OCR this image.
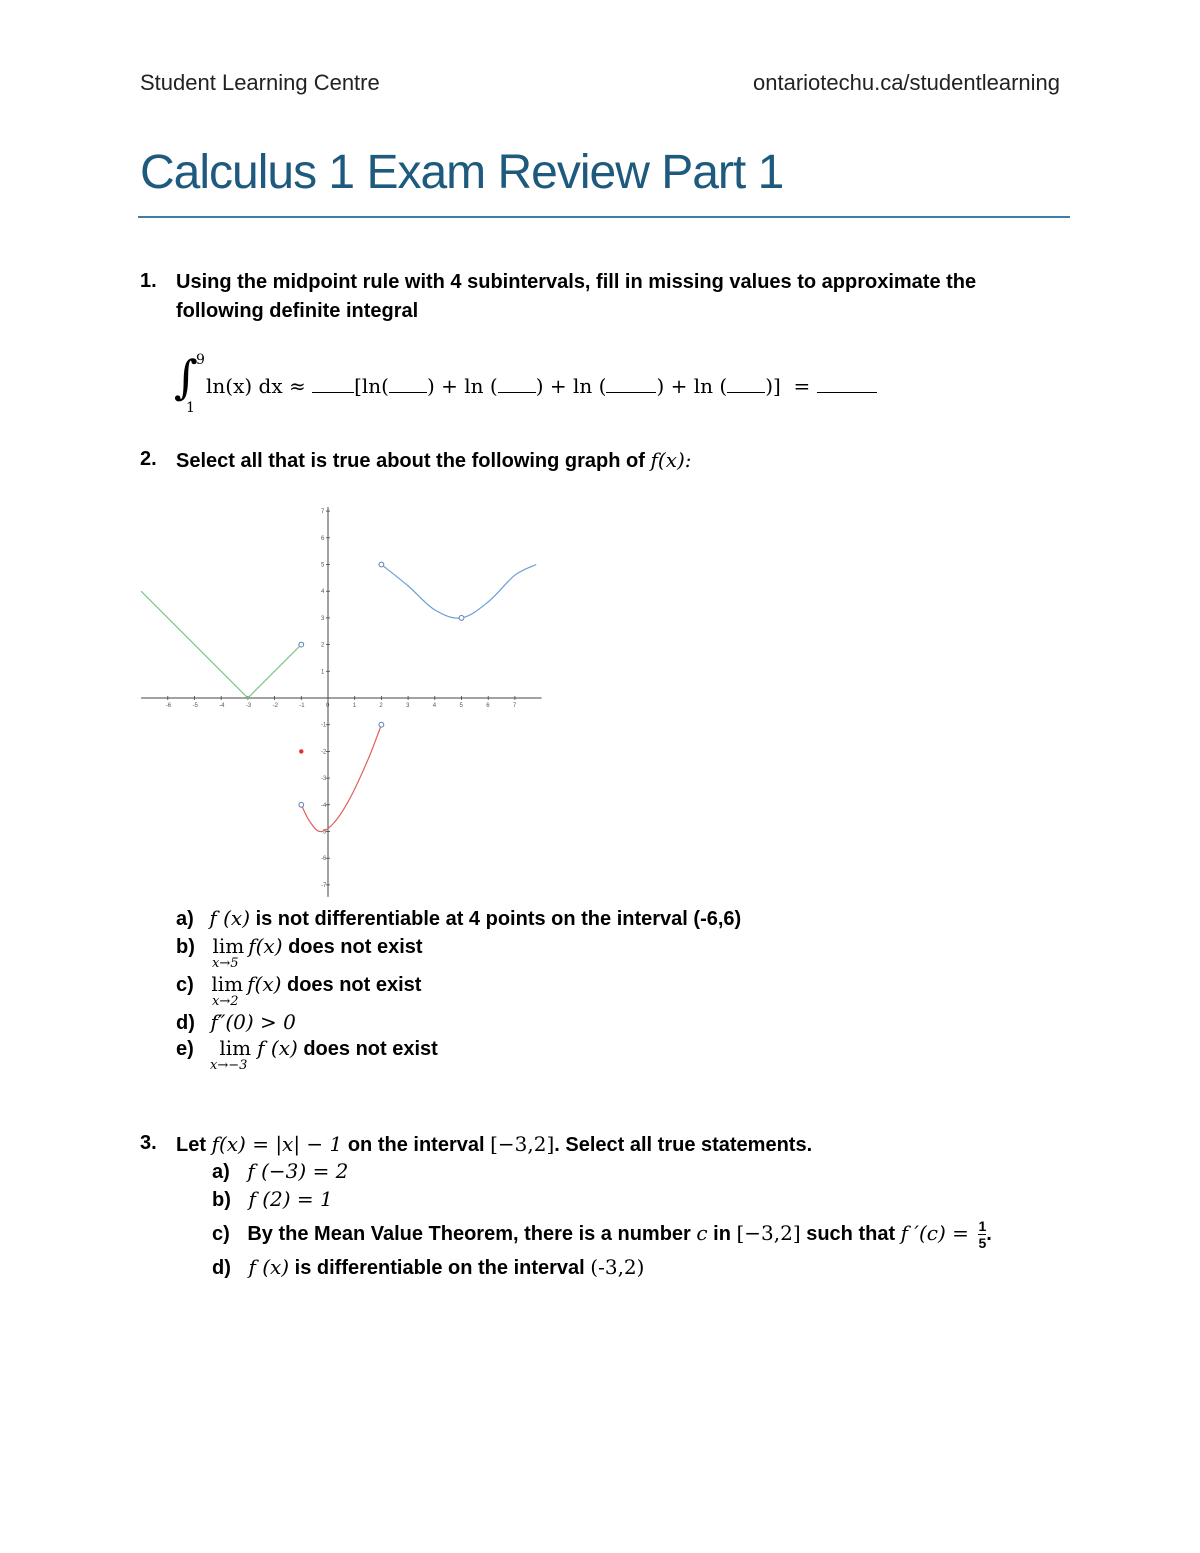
Student Learning Centre	ontariotechu.ca/studentlearning
Calculus 1 Exam Review Part 1
1. Using the midpoint rule with 4 subintervals, fill in missing values to approximate the
following definite integral
∫
9
1
ln(x) dx ≈ [ln( ) + ln ( ) + ln (	) + ln ( )]  =
2. Select all that is true about the following graph of f(x):
-6	-5	-4	-3	-2	-1	0	1	2	3	4	5	6	7
7
6
5
4
3
2
1
-1
-2
-3
-4
-5
-6
-7
a) f (x) is not differentiable at 4 points on the interval (-6,6)
b) lim f(x) does not exist
x→5
c) lim f(x) does not exist
x→2
d) f″(0) > 0
e) lim f (x) does not exist
x→−3
3. Let f(x) = |x| − 1 on the interval [−3,2]. Select all true statements.
a) f (−3) = 2
b) f (2) = 1
c) By the Mean Value Theorem, there is a number c in [−3,2] such that f $'(c) = \frac{1}{5}$ .
d) f (x) is differentiable on the interval (-3,2)
